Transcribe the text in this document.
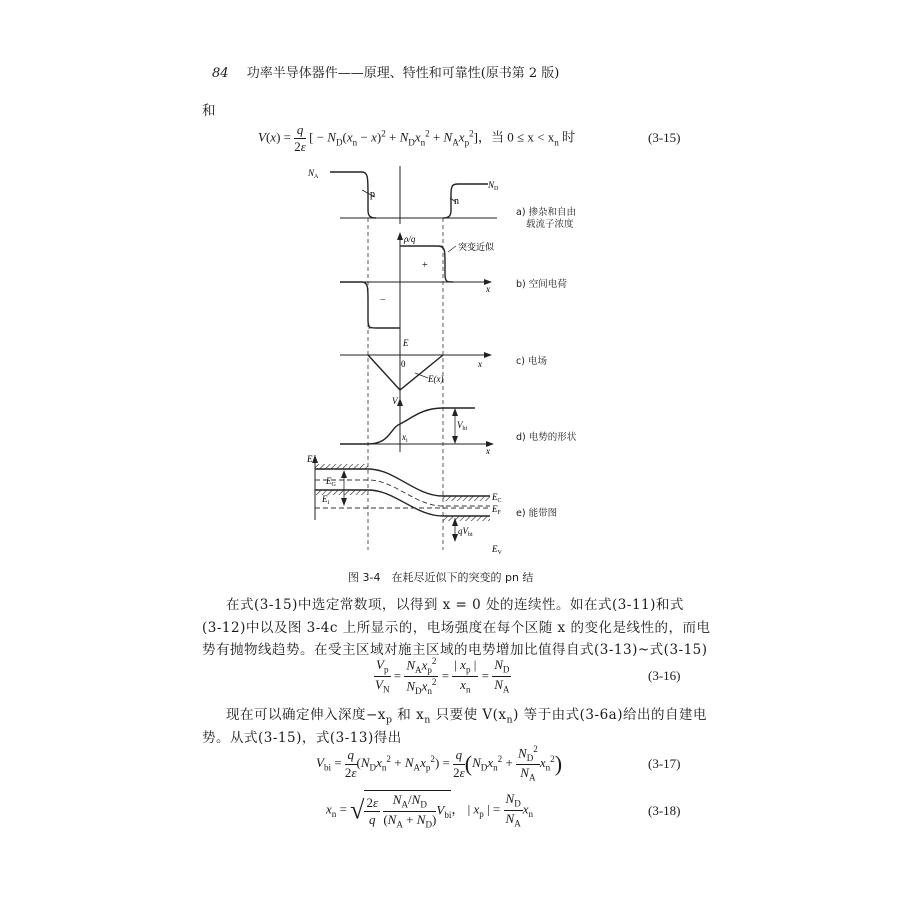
84 功率半导体器件——原理、特性和可靠性(原书第 2 版)
和
$V(x) = \frac{q}{2\varepsilon}$ [ − $N_D(x_n - x)^2 + N_Dx_n^2 + N_Ax_p^2$]，当 $0 \le x < x_n$ 时	(3-15)
$N_A$
$N_D$
p
n
ρ/q
突变近似
+
−
x
E
0
E(x)
x
V
$V_{bi}$
$x_i$
x
E
$E_G$
$E_i$
$E_C$
$E_F$
$qV_{bi}$
$E_V$
a) 掺杂和自由
载流子浓度
b) 空间电荷
c) 电场
d) 电势的形状
e) 能带图
图 3-4　在耗尽近似下的突变的 pn 结
在式(3-15)中选定常数项，以得到 x = 0 处的连续性。如在式(3-11)和式
(3-12)中以及图 3-4c 上所显示的，电场强度在每个区随 x 的变化是线性的，而电
势有抛物线趋势。在受主区域对施主区域的电势增加比值得自式(3-13)~式(3-15)
$\frac{V_p}{V_N} = \frac{N_Ax_p^2}{N_Dx_n^2} = \frac{| x_p |}{x_n} = \frac{N_D}{N_A}$	(3-16)
现在可以确定伸入深度$-x_p$ 和 $x_n$ 只要使 $V(x_n)$ 等于由式(3-6a)给出的自建电
势。从式(3-15)，式(3-13)得出
$V_{bi} = \frac{q}{2\varepsilon} (N_Dx_n^2 + N_Ax_p^2) = \frac{q}{2\varepsilon} (N_Dx_n^2 + \frac{N_D^2}{N_A} x_n^2)$	(3-17)
$x_n$ = √ $\frac{2\varepsilon}{q}$
$\frac{N_A/N_D}{(N_A + N_D)} V_{bi}$， | $x_p$ | = $\frac{N_D}{N_A} x_n$	(3-18)
